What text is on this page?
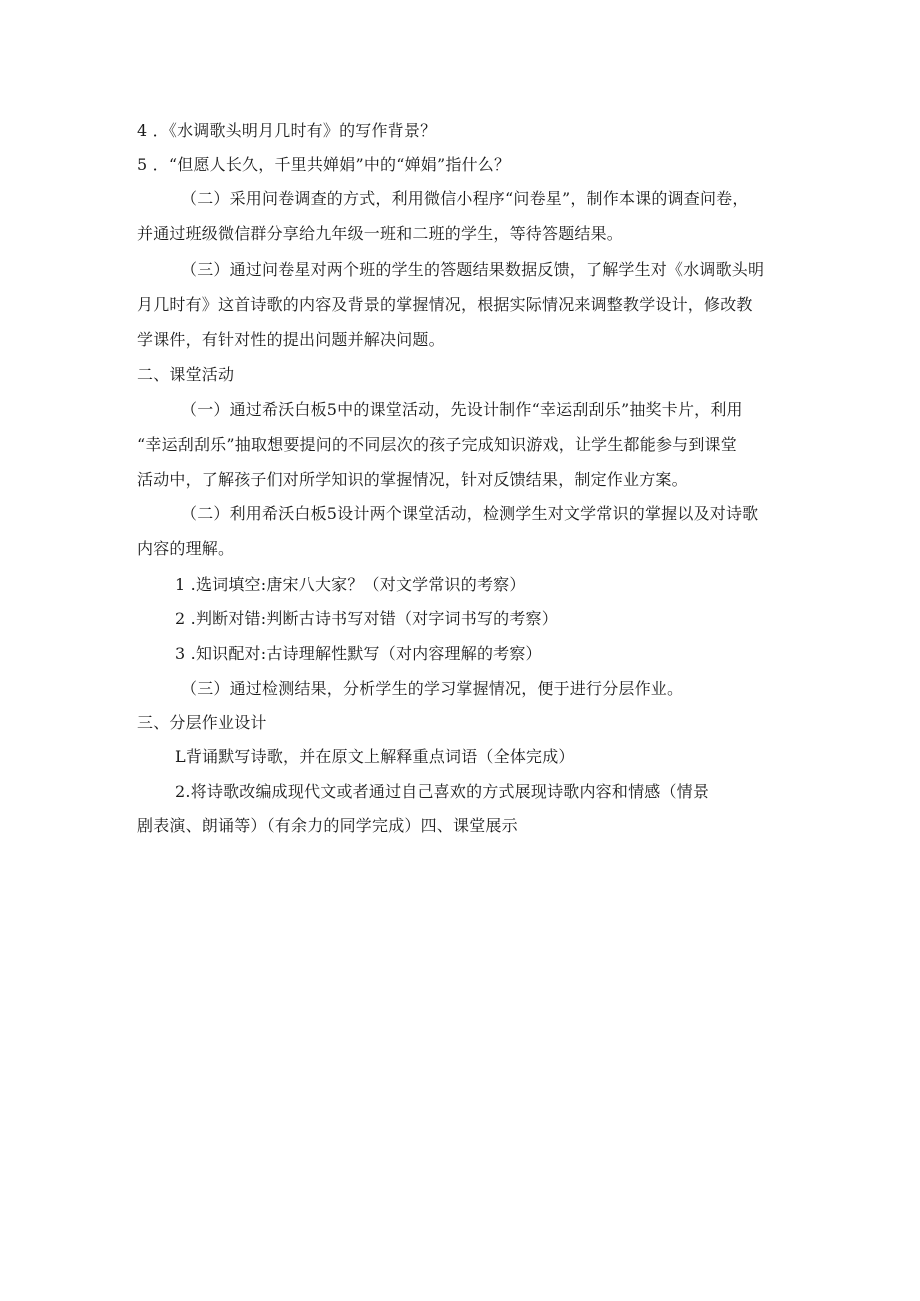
4 ．《水调歌头明月几时有》的写作背景？
5 ．“但愿人长久，千里共婵娟”中的“婵娟”指什么？
（二）采用问卷调查的方式，利用微信小程序“问卷星”，制作本课的调查问卷，
并通过班级微信群分享给九年级一班和二班的学生，等待答题结果。
（三）通过问卷星对两个班的学生的答题结果数据反馈，了解学生对《水调歌头明
月几时有》这首诗歌的内容及背景的掌握情况，根据实际情况来调整教学设计，修改教
学课件，有针对性的提出问题并解决问题。
二、课堂活动
（一）通过希沃白板5中的课堂活动，先设计制作“幸运刮刮乐”抽奖卡片，利用
“幸运刮刮乐”抽取想要提问的不同层次的孩子完成知识游戏，让学生都能参与到课堂
活动中，了解孩子们对所学知识的掌握情况，针对反馈结果，制定作业方案。
（二）利用希沃白板5设计两个课堂活动，检测学生对文学常识的掌握以及对诗歌
内容的理解。
1 .选词填空:唐宋八大家？（对文学常识的考察）
2 .判断对错:判断古诗书写对错（对字词书写的考察）
3 .知识配对:古诗理解性默写（对内容理解的考察）
（三）通过检测结果，分析学生的学习掌握情况，便于进行分层作业。
三、分层作业设计
L背诵默写诗歌，并在原文上解释重点词语（全体完成）
2.将诗歌改编成现代文或者通过自己喜欢的方式展现诗歌内容和情感（情景
剧表演、朗诵等）（有余力的同学完成）四、课堂展示
